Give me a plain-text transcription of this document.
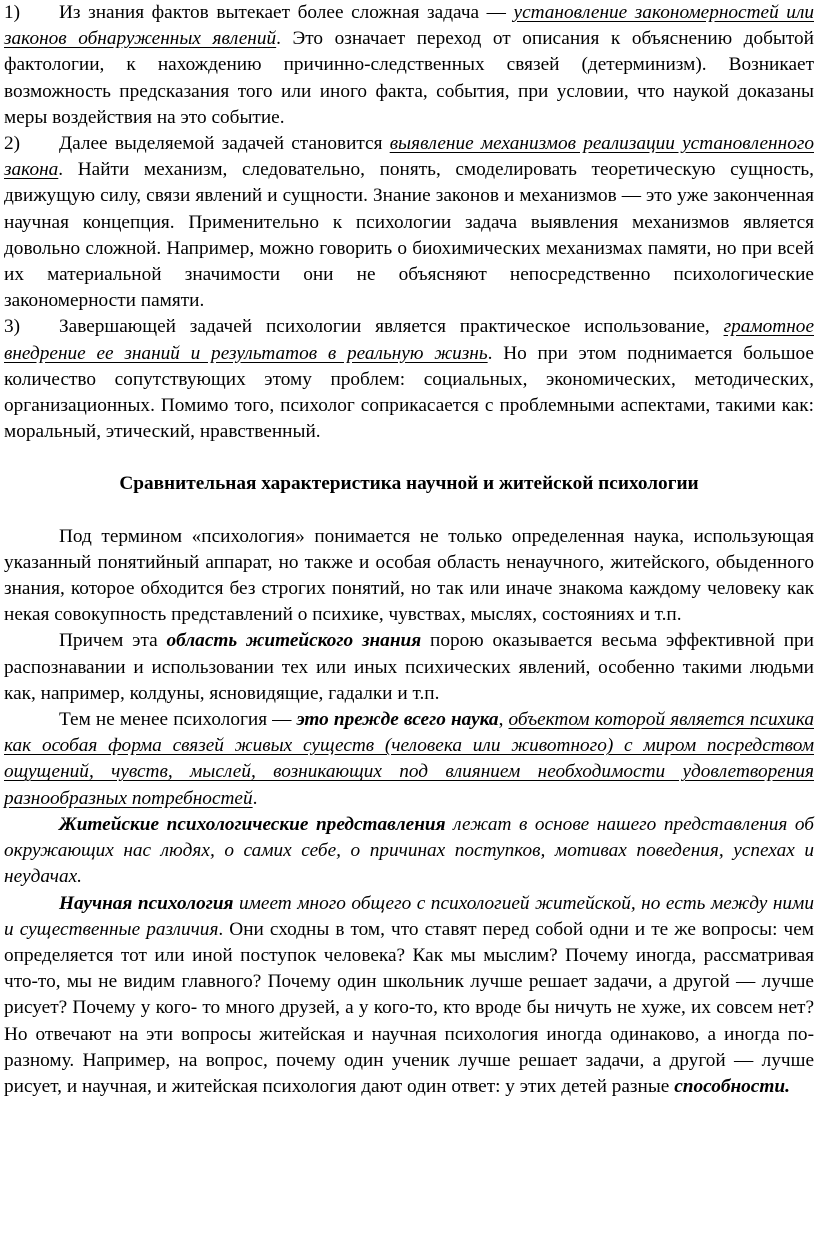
1) Из знания фактов вытекает более сложная задача — установление закономерностей или законов обнаруженных явлений. Это означает переход от описания к объяснению добытой фактологии, к нахождению причинно-следственных связей (детерминизм). Возникает возможность предсказания того или иного факта, события, при условии, что наукой доказаны меры воздействия на это событие.

2) Далее выделяемой задачей становится выявление механизмов реализации установленного закона. Найти механизм, следовательно, понять, смоделировать теоретическую сущность, движущую силу, связи явлений и сущности. Знание законов и механизмов — это уже законченная научная концепция. Применительно к психологии задача выявления механизмов является довольно сложной. Например, можно говорить о биохимических механизмах памяти, но при всей их материальной значимости они не объясняют непосредственно психологические закономерности памяти.

3) Завершающей задачей психологии является практическое использование, грамотное внедрение ее знаний и результатов в реальную жизнь. Но при этом поднимается большое количество сопутствующих этому проблем: социальных, экономических, методических, организационных. Помимо того, психолог соприкасается с проблемными аспектами, такими как: моральный, этический, нравственный.

Сравнительная характеристика научной и житейской психологии

Под термином «психология» понимается не только определенная наука, использующая указанный понятийный аппарат, но также и особая область ненаучного, житейского, обыденного знания, которое обходится без строгих понятий, но так или иначе знакома каждому человеку как некая совокупность представлений о психике, чувствах, мыслях, состояниях и т.п.

Причем эта область житейского знания порою оказывается весьма эффективной при распознавании и использовании тех или иных психических явлений, особенно такими людьми как, например, колдуны, ясновидящие, гадалки и т.п.

Тем не менее психология — это прежде всего наука, объектом которой является психика как особая форма связей живых существ (человека или животного) с миром посредством ощущений, чувств, мыслей, возникающих под влиянием необходимости удовлетворения разнообразных потребностей.

Житейские психологические представления лежат в основе нашего представления об окружающих нас людях, о самих себе, о причинах поступков, мотивах поведения, успехах и неудачах.

Научная психология имеет много общего с психологией житейской, но есть между ними и существенные различия. Они сходны в том, что ставят перед собой одни и те же вопросы: чем определяется тот или иной поступок человека? Как мы мыслим? Почему иногда, рассматривая что-то, мы не видим главного? Почему один школьник лучше решает задачи, а другой — лучше рисует? Почему у кого- то много друзей, а у кого-то, кто вроде бы ничуть не хуже, их совсем нет? Но отвечают на эти вопросы житейская и научная психология иногда одинаково, а иногда по-разному. Например, на вопрос, почему один ученик лучше решает задачи, а другой — лучше рисует, и научная, и житейская психология дают один ответ: у этих детей разные способности.
